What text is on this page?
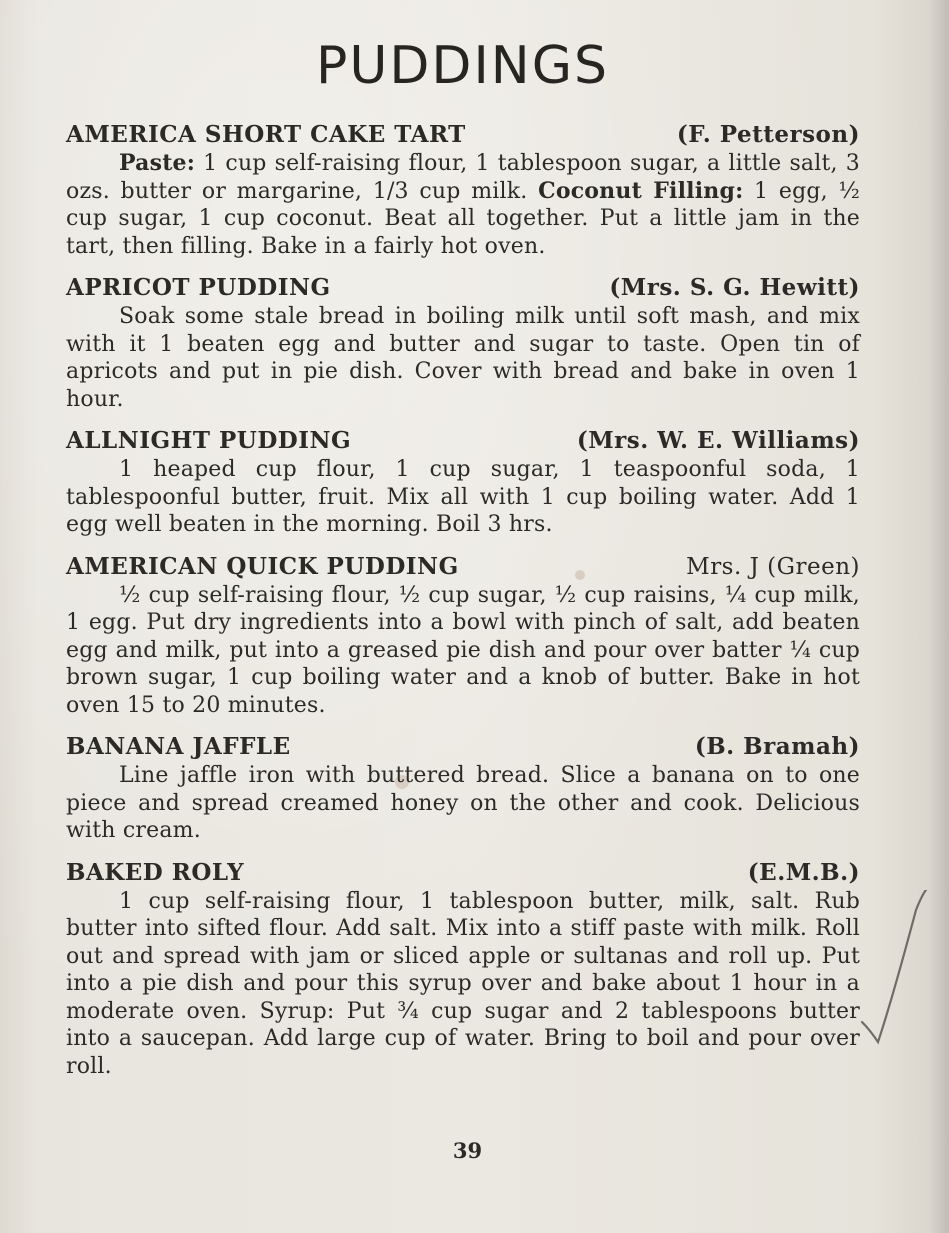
PUDDINGS
AMERICA SHORT CAKE TART	(F. Petterson)
Paste: 1 cup self-raising flour, 1 tablespoon sugar, a little salt, 3 ozs. butter or margarine, 1/3 cup milk. Coconut Filling: 1 egg, ½ cup sugar, 1 cup coconut. Beat all together. Put a little jam in the tart, then filling. Bake in a fairly hot oven.
APRICOT PUDDING	(Mrs. S. G. Hewitt)
Soak some stale bread in boiling milk until soft mash, and mix with it 1 beaten egg and butter and sugar to taste. Open tin of apricots and put in pie dish. Cover with bread and bake in oven 1 hour.
ALLNIGHT PUDDING	(Mrs. W. E. Williams)
1 heaped cup flour, 1 cup sugar, 1 teaspoonful soda, 1 tablespoonful butter, fruit. Mix all with 1 cup boiling water. Add 1 egg well beaten in the morning. Boil 3 hrs.
AMERICAN QUICK PUDDING	Mrs. J (Green)
½ cup self-raising flour, ½ cup sugar, ½ cup raisins, ¼ cup milk, 1 egg. Put dry ingredients into a bowl with pinch of salt, add beaten egg and milk, put into a greased pie dish and pour over batter ¼ cup brown sugar, 1 cup boiling water and a knob of butter. Bake in hot oven 15 to 20 minutes.
BANANA JAFFLE	(B. Bramah)
Line jaffle iron with buttered bread. Slice a banana on to one piece and spread creamed honey on the other and cook. Delicious with cream.
BAKED ROLY	(E.M.B.)
1 cup self-raising flour, 1 tablespoon butter, milk, salt. Rub butter into sifted flour. Add salt. Mix into a stiff paste with milk. Roll out and spread with jam or sliced apple or sultanas and roll up. Put into a pie dish and pour this syrup over and bake about 1 hour in a moderate oven. Syrup: Put ¾ cup sugar and 2 tablespoons butter into a saucepan. Add large cup of water. Bring to boil and pour over roll.
39
